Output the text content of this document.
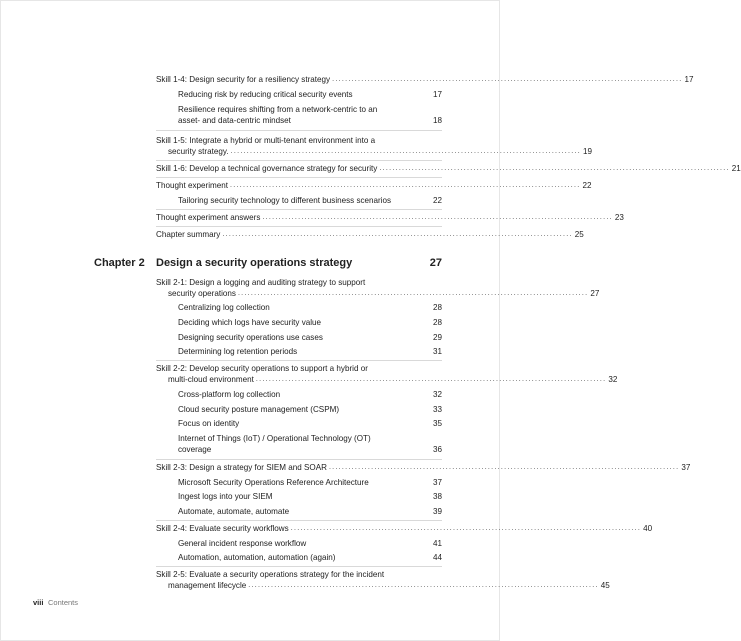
Skill 1-4: Design security for a resiliency strategy ............................................................................................................ 17
Reducing risk by reducing critical security events	17
Resilience requires shifting from a network-centric to an
asset- and data-centric mindset	18
Skill 1-5: Integrate a hybrid or multi-tenant environment into a
security strategy. ............................................................................................................ 19
Skill 1-6: Develop a technical governance strategy for security ............................................................................................................ 21
Thought experiment ............................................................................................................ 22
Tailoring security technology to different business scenarios	22
Thought experiment answers ............................................................................................................ 23
Chapter summary ............................................................................................................ 25
Chapter 2 Design a security operations strategy	27
Skill 2-1: Design a logging and auditing strategy to support
security operations ............................................................................................................ 27
Centralizing log collection	28
Deciding which logs have security value	28
Designing security operations use cases	29
Determining log retention periods	31
Skill 2-2: Develop security operations to support a hybrid or
multi-cloud environment ............................................................................................................ 32
Cross-platform log collection	32
Cloud security posture management (CSPM)	33
Focus on identity	35
Internet of Things (IoT) / Operational Technology (OT)
coverage	36
Skill 2-3: Design a strategy for SIEM and SOAR ............................................................................................................ 37
Microsoft Security Operations Reference Architecture	37
Ingest logs into your SIEM	38
Automate, automate, automate	39
Skill 2-4: Evaluate security workflows ............................................................................................................ 40
General incident response workflow	41
Automation, automation, automation (again)	44
Skill 2-5: Evaluate a security operations strategy for the incident
management lifecycle ............................................................................................................ 45
viii Contents
